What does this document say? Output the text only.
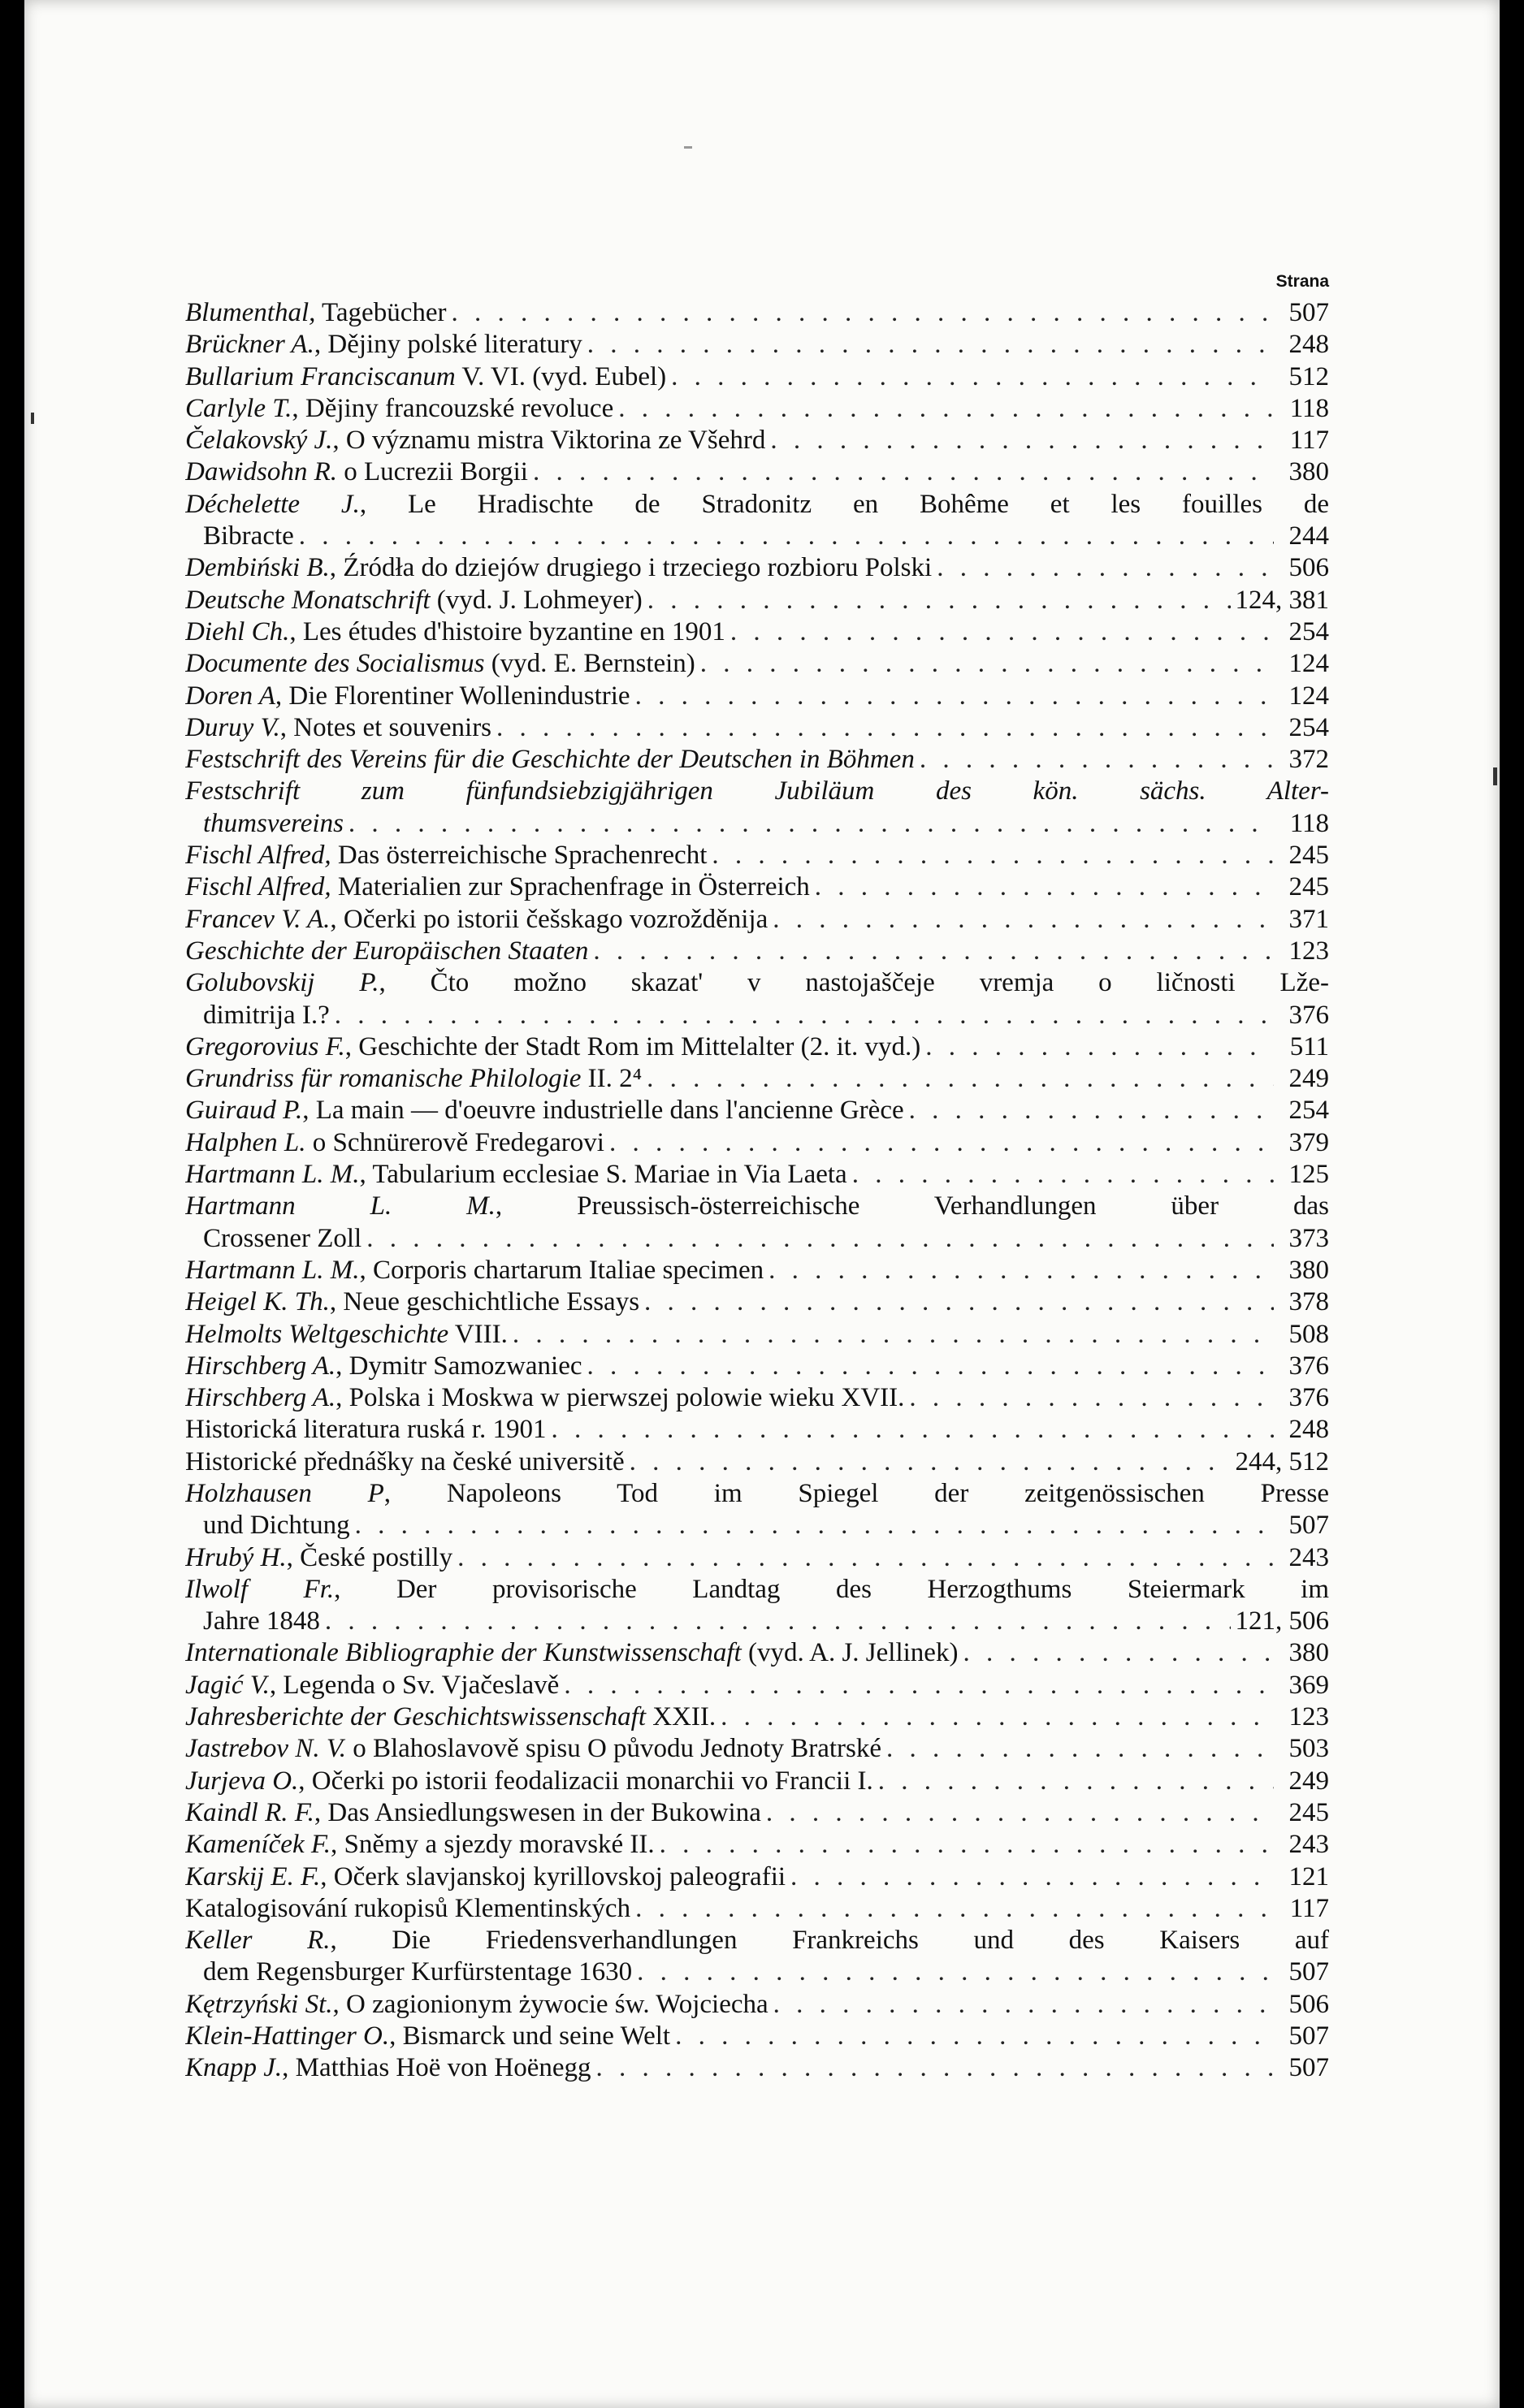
Strana
Blumenthal, Tagebücher . . .	507
Brückner A., Dějiny polské literatury . . .	248
Bullarium Franciscanum V. VI. (vyd. Eubel) . . .	512
Carlyle T., Dějiny francouzské revoluce . . .	118
Čelakovský J., O významu mistra Viktorina ze Všehrd . . .	117
Dawidsohn R. o Lucrezii Borgii . . .	380
Déchelette J., Le Hradischte de Stradonitz en Bohême et les fouilles de
Bibracte . . .	244
Dembiński B., Źródła do dziejów drugiego i trzeciego rozbioru Polski . . .	506
Deutsche Monatschrift (vyd. J. Lohmeyer) . . .	124, 381
Diehl Ch., Les études d'histoire byzantine en 1901 . . .	254
Documente des Socialismus (vyd. E. Bernstein) . . .	124
Doren A, Die Florentiner Wollenindustrie . . .	124
Duruy V., Notes et souvenirs . . .	254
Festschrift des Vereins für die Geschichte der Deutschen in Böhmen . . .	372
Festschrift zum fünfundsiebzigjährigen Jubiläum des kön. sächs. Alter-
thumsvereins . . .	118
Fischl Alfred, Das österreichische Sprachenrecht . . .	245
Fischl Alfred, Materialien zur Sprachenfrage in Österreich . . .	245
Francev V. A., Očerki po istorii češskago vozrožděnija . . .	371
Geschichte der Europäischen Staaten . . .	123
Golubovskij P., Čto možno skazat' v nastojaščeje vremja o ličnosti Lže-
dimitrija I.? . . .	376
Gregorovius F., Geschichte der Stadt Rom im Mittelalter (2. it. vyd.) . . .	511
Grundriss für romanische Philologie II. 2⁴ . . .	249
Guiraud P., La main — d'oeuvre industrielle dans l'ancienne Grèce . . .	254
Halphen L. o Schnürerově Fredegarovi . . .	379
Hartmann L. M., Tabularium ecclesiae S. Mariae in Via Laeta . . .	125
Hartmann L. M., Preussisch-österreichische Verhandlungen über das
Crossener Zoll . . .	373
Hartmann L. M., Corporis chartarum Italiae specimen . . .	380
Heigel K. Th., Neue geschichtliche Essays . . .	378
Helmolts Weltgeschichte VIII. . . .	508
Hirschberg A., Dymitr Samozwaniec . . .	376
Hirschberg A., Polska i Moskwa w pierwszej polowie wieku XVII. . . .	376
Historická literatura ruská r. 1901 . . .	248
Historické přednášky na české universitě . . .	244, 512
Holzhausen P, Napoleons Tod im Spiegel der zeitgenössischen Presse
und Dichtung . . .	507
Hrubý H., České postilly . . .	243
Ilwolf Fr., Der provisorische Landtag des Herzogthums Steiermark im
Jahre 1848 . . .	121, 506
Internationale Bibliographie der Kunstwissenschaft (vyd. A. J. Jellinek) . . .	380
Jagić V., Legenda o Sv. Vjačeslavě . . .	369
Jahresberichte der Geschichtswissenschaft XXII. . . .	123
Jastrebov N. V. o Blahoslavově spisu O původu Jednoty Bratrské . . .	503
Jurjeva O., Očerki po istorii feodalizacii monarchii vo Francii I. . . .	249
Kaindl R. F., Das Ansiedlungswesen in der Bukowina . . .	245
Kameníček F., Sněmy a sjezdy moravské II. . . .	243
Karskij E. F., Očerk slavjanskoj kyrillovskoj paleografii . . .	121
Katalogisování rukopisů Klementinských . . .	117
Keller R., Die Friedensverhandlungen Frankreichs und des Kaisers auf
dem Regensburger Kurfürstentage 1630 . . .	507
Kętrzyński St., O zagionionym żywocie św. Wojciecha . . .	506
Klein-Hattinger O., Bismarck und seine Welt . . .	507
Knapp J., Matthias Hoë von Hoënegg . . .	507
